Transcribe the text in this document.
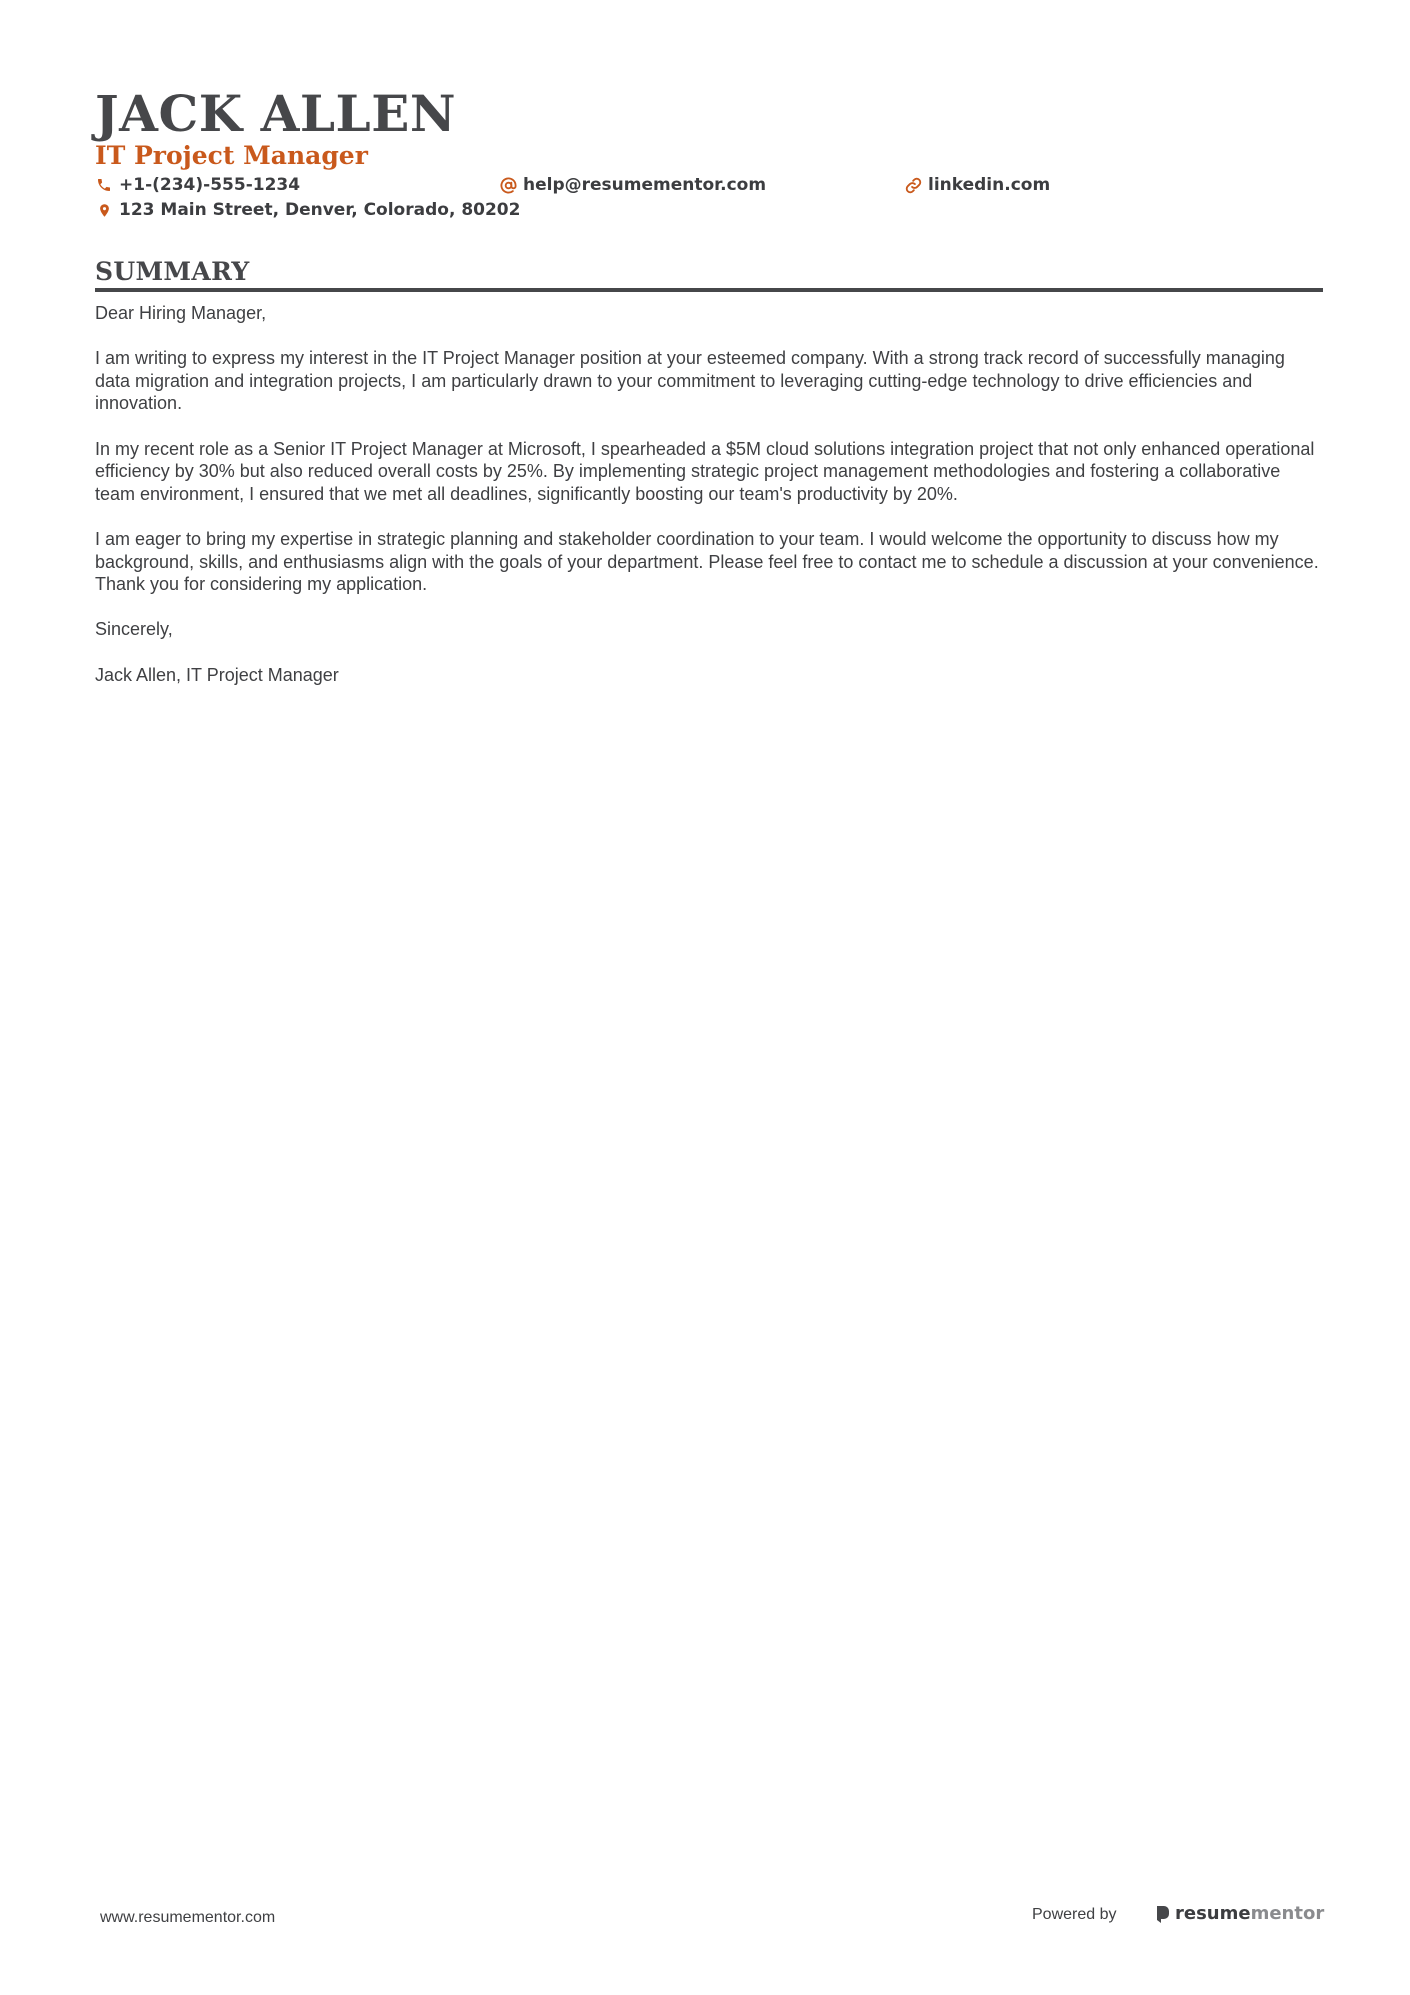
JACK ALLEN
IT Project Manager
+1-(234)-555-1234	help@resumementor.com	linkedin.com
123 Main Street, Denver, Colorado, 80202
SUMMARY

Dear Hiring Manager,

I am writing to express my interest in the IT Project Manager position at your esteemed company. With a strong track record of successfully managing data migration and integration projects, I am particularly drawn to your commitment to leveraging cutting-edge technology to drive efficiencies and innovation.

In my recent role as a Senior IT Project Manager at Microsoft, I spearheaded a $5M cloud solutions integration project that not only enhanced operational efficiency by 30% but also reduced overall costs by 25%. By implementing strategic project management methodologies and fostering a collaborative team environment, I ensured that we met all deadlines, significantly boosting our team's productivity by 20%.

I am eager to bring my expertise in strategic planning and stakeholder coordination to your team. I would welcome the opportunity to discuss how my background, skills, and enthusiasms align with the goals of your department. Please feel free to contact me to schedule a discussion at your convenience. Thank you for considering my application.

Sincerely,

Jack Allen, IT Project Manager

www.resumementor.com	Powered by	resume mentor
